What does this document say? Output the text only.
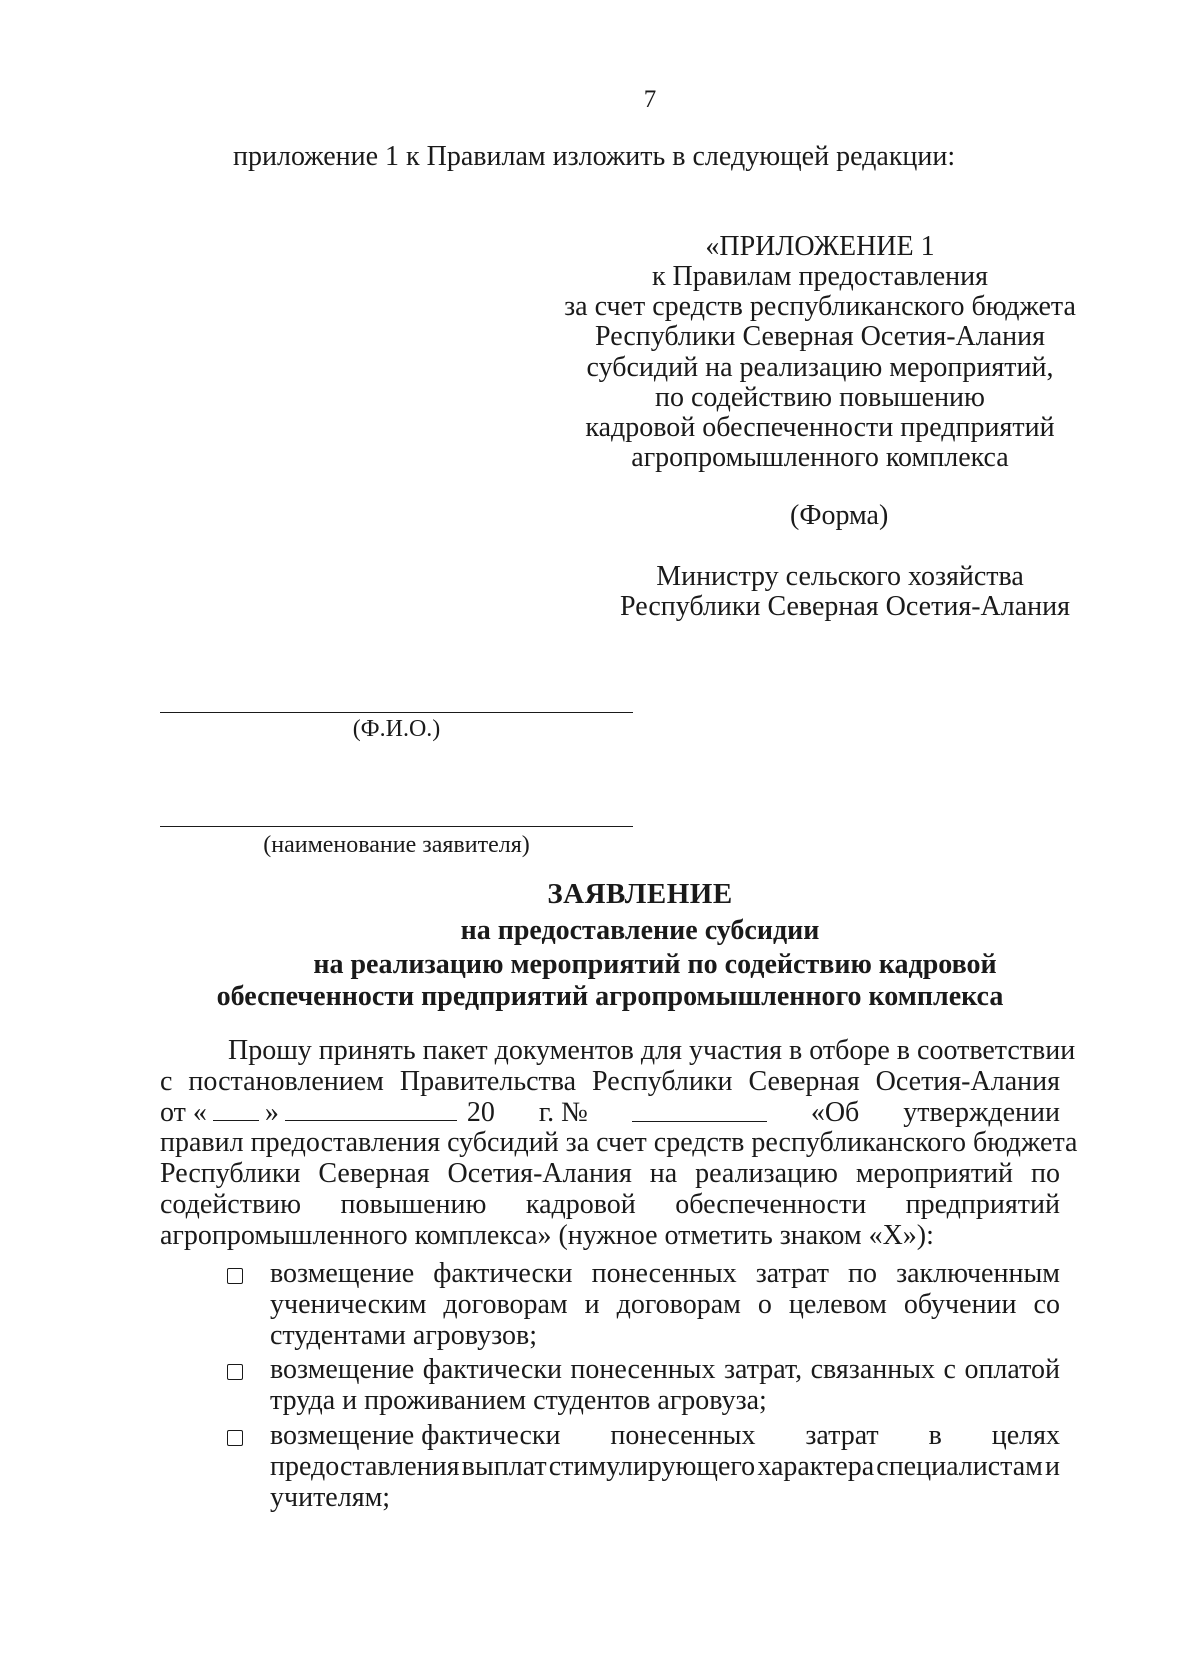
7
приложение 1 к Правилам изложить в следующей редакции:
«ПРИЛОЖЕНИЕ 1
к Правилам предоставления
за счет средств республиканского бюджета
Республики Северная Осетия-Алания
субсидий на реализацию мероприятий,
по содействию повышению
кадровой обеспеченности предприятий
агропромышленного комплекса
(Форма)
Министру сельского хозяйства
Республики Северная Осетия-Алания
(Ф.И.О.)
(наименование заявителя)
ЗАЯВЛЕНИЕ
на предоставление субсидии
на реализацию мероприятий по содействию кадровой
обеспеченности предприятий агропромышленного комплекса
Прошу принять пакет документов для участия в отборе в соответствии
с постановлением Правительства Республики Северная Осетия-Алания
от « »	20 г. №	«Об утверждении
правил предоставления субсидий за счет средств республиканского бюджета
Республики Северная Осетия-Алания на реализацию мероприятий по
содействию повышению кадровой обеспеченности предприятий
агропромышленного комплекса» (нужное отметить знаком «Х»):
возмещение фактически понесенных затрат по заключенным
ученическим договорам и договорам о целевом обучении со
студентами агровузов;
возмещение фактически понесенных затрат, связанных с оплатой
труда и проживанием студентов агровуза;
возмещение фактически понесенных затрат в целях
предоставления выплат стимулирующего характера специалистам и
учителям;
